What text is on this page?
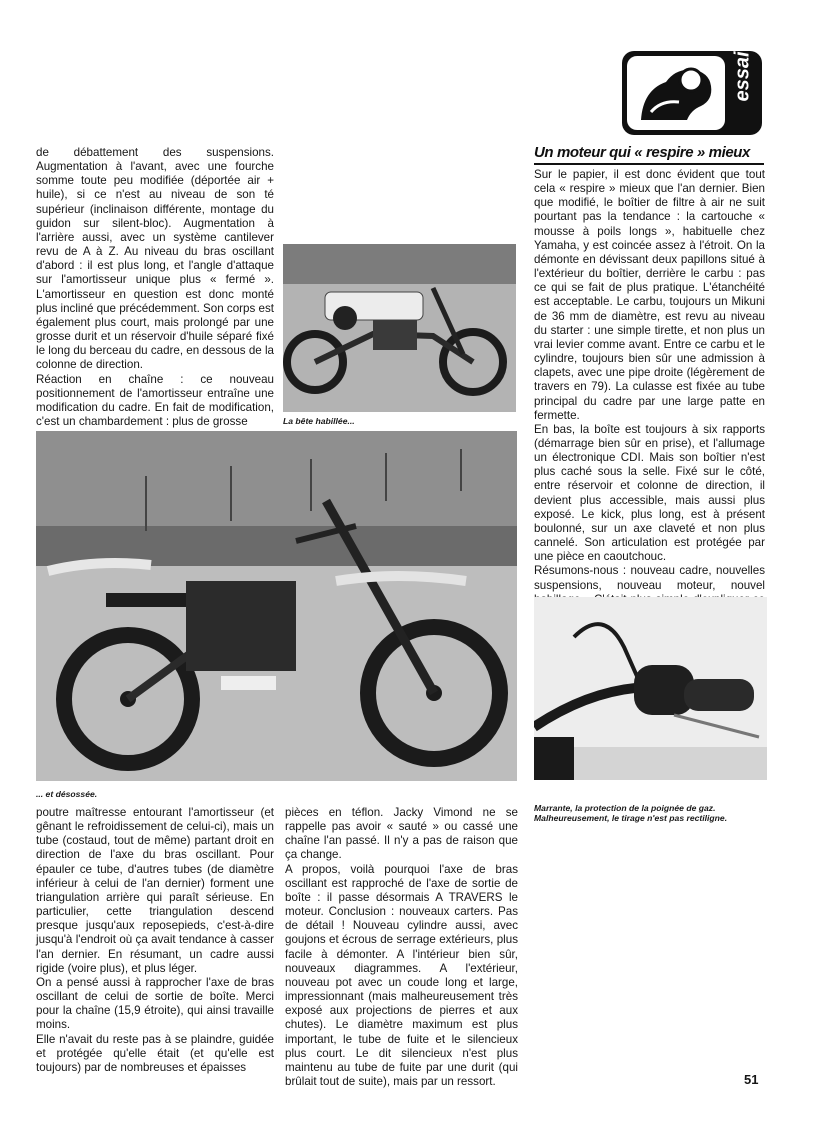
de débattement des suspensions. Augmentation à l'avant, avec une fourche somme toute peu modifiée (déportée air + huile), si ce n'est au niveau de son té supérieur (inclinaison différente, montage du guidon sur silent-bloc). Augmentation à l'arrière aussi, avec un système cantilever revu de A à Z. Au niveau du bras oscillant d'abord : il est plus long, et l'angle d'attaque sur l'amortisseur unique plus « fermé ». L'amortisseur en question est donc monté plus incliné que précédemment. Son corps est également plus court, mais prolongé par une grosse durit et un réservoir d'huile séparé fixé le long du berceau du cadre, en dessous de la colonne de direction.

Réaction en chaîne : ce nouveau positionnement de l'amortisseur entraîne une modification du cadre. En fait de modification, c'est un chambardement : plus de grosse	La bête habillée...
... et désossée.
Un moteur qui « respire » mieux

Sur le papier, il est donc évident que tout cela « respire » mieux que l'an dernier. Bien que modifié, le boîtier de filtre à air ne suit pourtant pas la tendance : la cartouche « mousse à poils longs », habituelle chez Yamaha, y est coincée assez à l'étroit. On la démonte en dévissant deux papillons situé à l'extérieur du boîtier, derrière le carbu : pas ce qui se fait de plus pratique. L'étanchéité est acceptable. Le carbu, toujours un Mikuni de 36 mm de diamètre, est revu au niveau du starter : une simple tirette, et non plus un vrai levier comme avant. Entre ce carbu et le cylindre, toujours bien sûr une admission à clapets, avec une pipe droite (légèrement de travers en 79). La culasse est fixée au tube principal du cadre par une large patte en fermette.

En bas, la boîte est toujours à six rapports (démarrage bien sûr en prise), et l'allumage un électronique CDI. Mais son boîtier n'est plus caché sous la selle. Fixé sur le côté, entre réservoir et colonne de direction, il devient plus accessible, mais aussi plus exposé. Le kick, plus long, est à présent boulonné, sur un axe claveté et non plus cannelé. Son articulation est protégée par une pièce en caoutchouc.

Résumons-nous : nouveau cadre, nouvelles suspensions, nouveau moteur, nouvel

Marrante, la protection de la poignée de gaz. Malheureusement, le tirage n'est pas rectiligne.

poutre maîtresse entourant l'amortisseur (et gênant le refroidissement de celui-ci), mais un tube (costaud, tout de même) partant droit en direction de l'axe du bras oscillant. Pour épauler ce tube, d'autres tubes (de diamètre inférieur à celui de l'an dernier) forment une triangulation arrière qui paraît sérieuse. En particulier, cette triangulation descend presque jusqu'aux reposepieds, c'est-à-dire jusqu'à l'endroit où ça avait tendance à casser l'an dernier. En résumant, un cadre aussi rigide (voire plus), et plus léger.

On a pensé aussi à rapprocher l'axe de bras oscillant de celui de sortie de boîte. Merci pour la chaîne (15,9 étroite), qui ainsi travaille moins.

Elle n'avait du reste pas à se plaindre, guidée et protégée qu'elle était (et qu'elle est toujours) par de nombreuses et épaisses

pièces en téflon. Jacky Vimond ne se rappelle pas avoir « sauté » ou cassé une chaîne l'an passé. Il n'y a pas de raison que ça change.

A propos, voilà pourquoi l'axe de bras oscillant est rapproché de l'axe de sortie de boîte : il passe désormais A TRAVERS le moteur. Conclusion : nouveaux carters. Pas de détail ! Nouveau cylindre aussi, avec goujons et écrous de serrage extérieurs, plus facile à démonter. A l'intérieur bien sûr, nouveaux diagrammes. A l'extérieur, nouveau pot avec un coude long et large, impressionnant (mais malheureusement très exposé aux projections de pierres et aux chutes). Le diamètre maximum est plus important, le tube de fuite et le silencieux plus court. Le dit silencieux n'est plus maintenu au tube de fuite par une durit (qui brûlait tout de suite), mais par un ressort.	51
